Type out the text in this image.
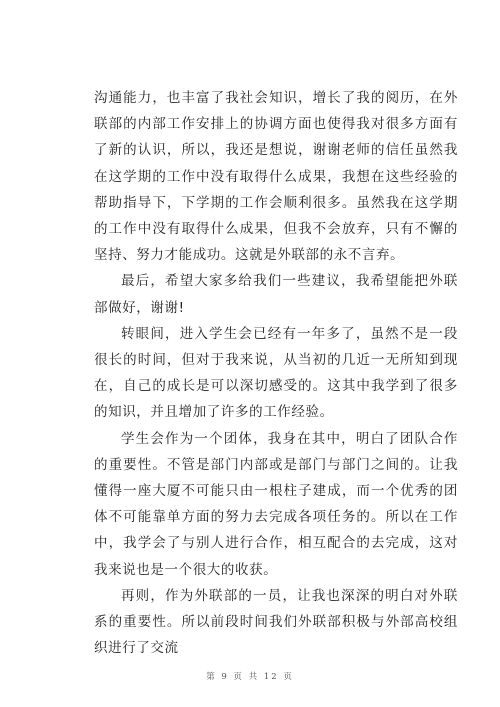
沟通能力，也丰富了我社会知识，增长了我的阅历，在外联部的内部工作安排上的协调方面也使得我对很多方面有了新的认识，所以，我还是想说，谢谢老师的信任虽然我在这学期的工作中没有取得什么成果，我想在这些经验的帮助指导下，下学期的工作会顺利很多。虽然我在这学期的工作中没有取得什么成果，但我不会放弃，只有不懈的坚持、努力才能成功。这就是外联部的永不言弃。

最后，希望大家多给我们一些建议，我希望能把外联部做好，谢谢!

转眼间，进入学生会已经有一年多了，虽然不是一段很长的时间，但对于我来说，从当初的几近一无所知到现在，自己的成长是可以深切感受的。这其中我学到了很多的知识，并且增加了许多的工作经验。

学生会作为一个团体，我身在其中，明白了团队合作的重要性。不管是部门内部或是部门与部门之间的。让我懂得一座大厦不可能只由一根柱子建成，而一个优秀的团体不可能靠单方面的努力去完成各项任务的。所以在工作中，我学会了与别人进行合作，相互配合的去完成，这对我来说也是一个很大的收获。

再则，作为外联部的一员，让我也深深的明白对外联系的重要性。所以前段时间我们外联部积极与外部高校组织进行了交流

第 9 页 共 12 页
